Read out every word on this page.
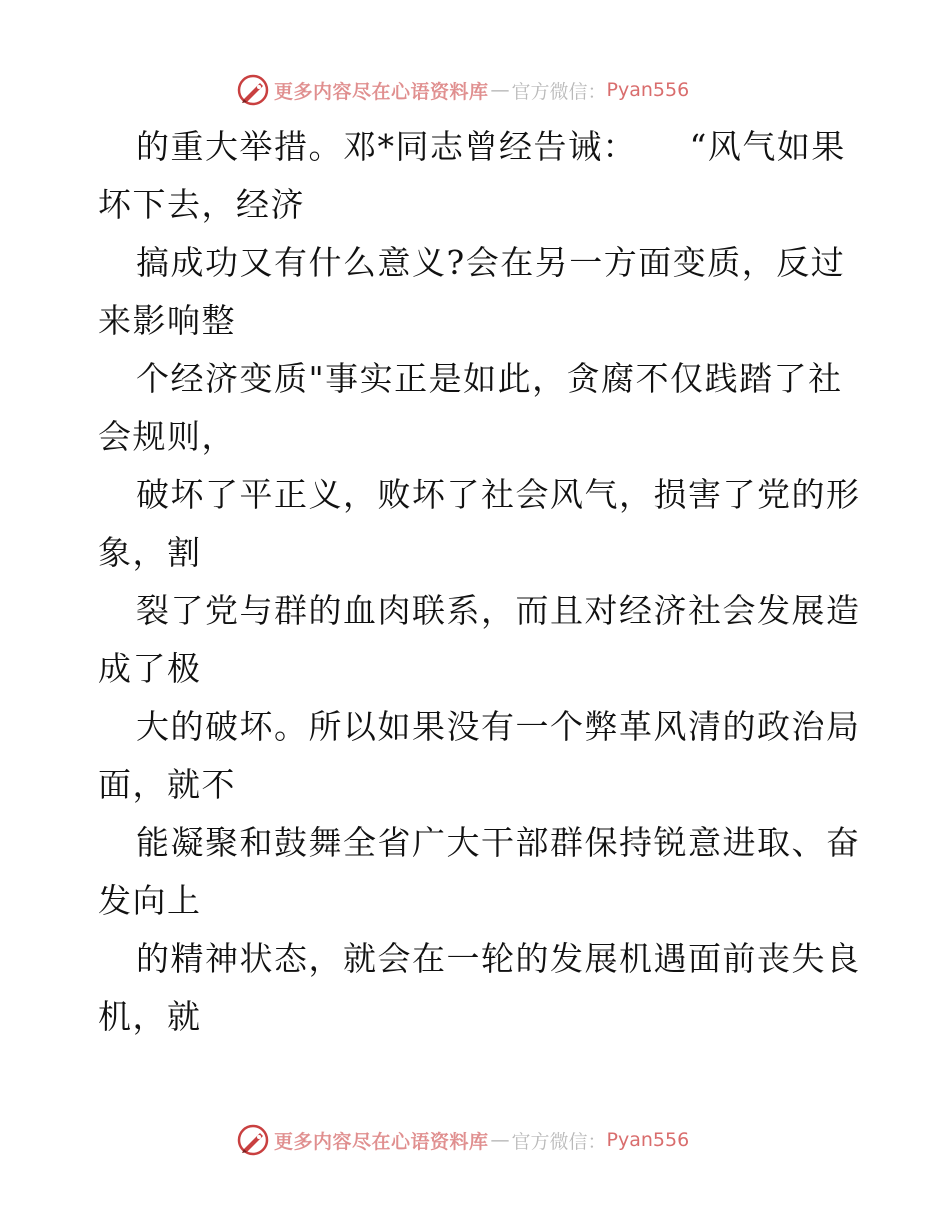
更多内容尽在心语资料库 — 官方微信： Pyan556
的重大举措。邓*同志曾经告诫：　　“风气如果
坏下去，经济
搞成功又有什么意义?会在另一方面变质，反过
来影响整
个经济变质"事实正是如此，贪腐不仅践踏了社
会规则，
破坏了平正义，败坏了社会风气，损害了党的形
象，割
裂了党与群的血肉联系，而且对经济社会发展造
成了极
大的破坏。所以如果没有一个弊革风清的政治局
面，就不
能凝聚和鼓舞全省广大干部群保持锐意进取、奋
发向上
的精神状态，就会在一轮的发展机遇面前丧失良
机，就
更多内容尽在心语资料库 — 官方微信： Pyan556
